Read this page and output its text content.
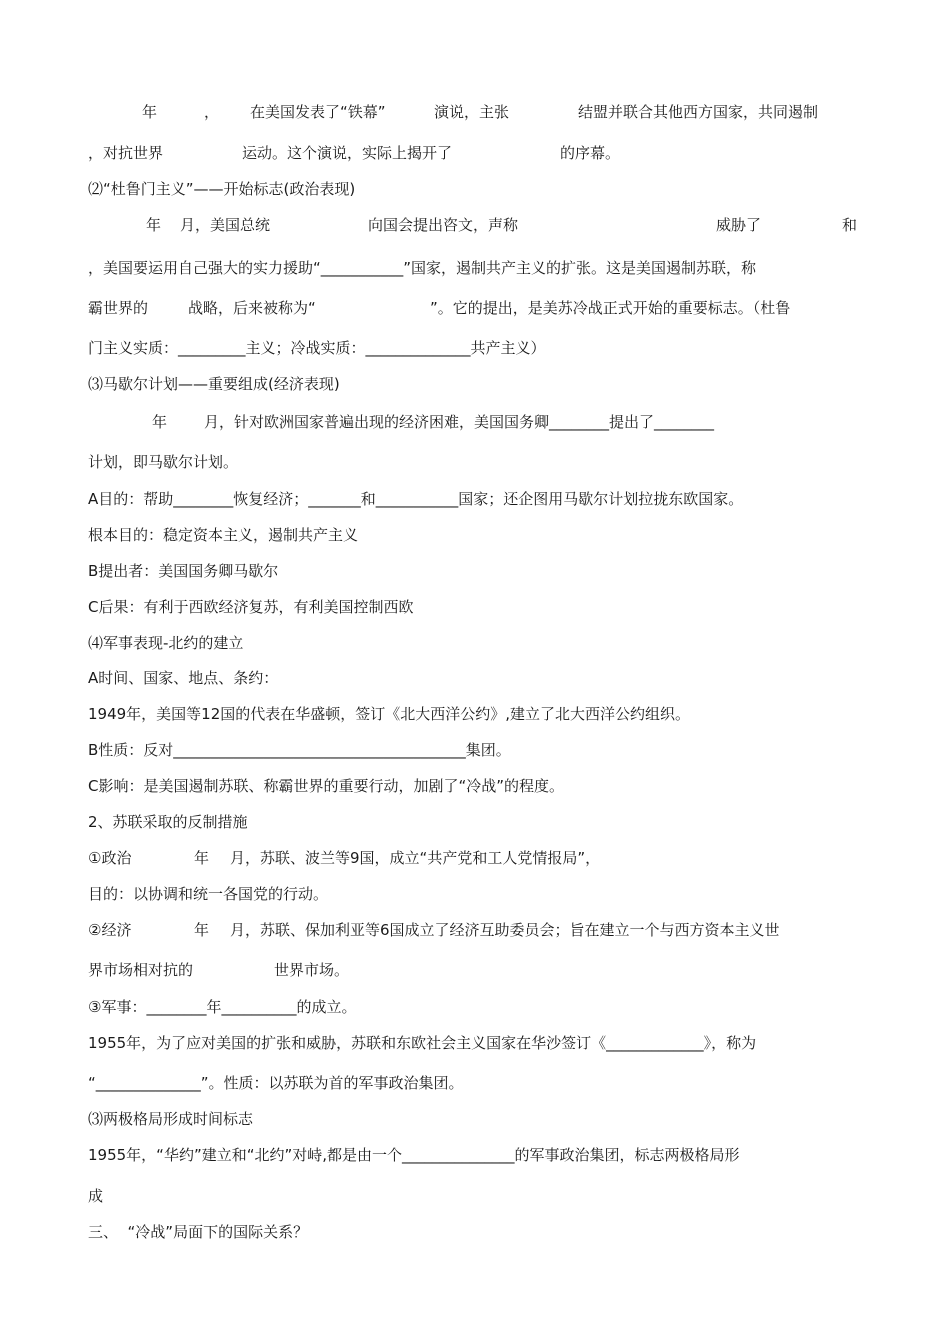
年

	，

在美国发表了“铁幕”

	演说，主张

	结盟并联合其他西方国家，共同遏制

，对抗世界

	运动。这个演说，实际上揭开了

	的序幕。

⑵“杜鲁门主义”——开始标志(政治表现)

年

月，美国总统

	向国会提出咨文，声称

	威胁了

	和

，美国要运用自己强大的实力援助“___________”国家，遏制共产主义的扩张。这是美国遏制苏联，称

霸世界的

	战略，后来被称为“

	”。它的提出，是美苏冷战正式开始的重要标志。（杜鲁

门主义实质：_________主义；冷战实质：______________共产主义）
⑶马歇尔计划——重要组成(经济表现)

年

月，针对欧洲国家普遍出现的经济困难，美国国务卿________提出了________

计划，即马歇尔计划。
A目的：帮助________恢复经济；_______和___________国家；还企图用马歇尔计划拉拢东欧国家。
根本目的：稳定资本主义，遏制共产主义
B提出者：美国国务卿马歇尔
C后果：有利于西欧经济复苏，有利美国控制西欧
⑷军事表现-北约的建立
A时间、国家、地点、条约：
1949年，美国等12国的代表在华盛顿，签订《北大西洋公约》,建立了北大西洋公约组织。
B性质：反对_______________________________________集团。
C影响：是美国遏制苏联、称霸世界的重要行动，加剧了“冷战”的程度。
2、苏联采取的反制措施

①政治

	年

月，苏联、波兰等9国，成立“共产党和工人党情报局”，

目的：以协调和统一各国党的行动。

②经济

	年

月，苏联、保加利亚等6国成立了经济互助委员会；旨在建立一个与西方资本主义世

界市场相对抗的

	世界市场。

③军事：________年__________的成立。
1955年，为了应对美国的扩张和威胁，苏联和东欧社会主义国家在华沙签订《_____________》，称为
“______________”。性质：以苏联为首的军事政治集团。
⑶两极格局形成时间标志
1955年，“华约”建立和“北约”对峙,都是由一个_______________的军事政治集团，标志两极格局形
成
三、  “冷战”局面下的国际关系？
